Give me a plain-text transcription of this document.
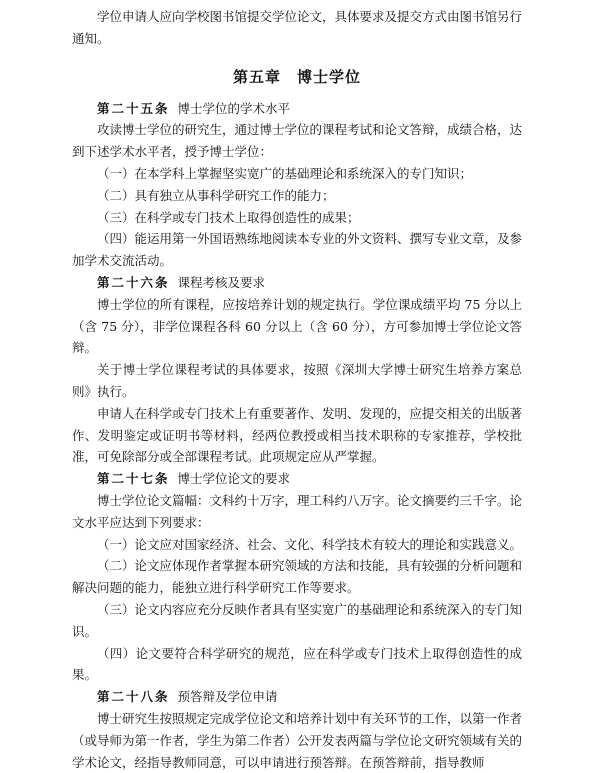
学位申请人应向学校图书馆提交学位论文，具体要求及提交方式由图书馆另行通知。

第五章　博士学位

第二十五条 博士学位的学术水平

攻读博士学位的研究生，通过博士学位的课程考试和论文答辩，成绩合格，达到下述学术水平者，授予博士学位：

（一）在本学科上掌握坚实宽广的基础理论和系统深入的专门知识；

（二）具有独立从事科学研究工作的能力；

（三）在科学或专门技术上取得创造性的成果；

（四）能运用第一外国语熟练地阅读本专业的外文资料、撰写专业文章，及参加学术交流活动。

第二十六条 课程考核及要求

博士学位的所有课程，应按培养计划的规定执行。学位课成绩平均 75 分以上（含 75 分），非学位课程各科 60 分以上（含 60 分），方可参加博士学位论文答辩。

关于博士学位课程考试的具体要求，按照《深圳大学博士研究生培养方案总则》执行。

申请人在科学或专门技术上有重要著作、发明、发现的，应提交相关的出版著作、发明鉴定或证明书等材料，经两位教授或相当技术职称的专家推荐，学校批准，可免除部分或全部课程考试。此项规定应从严掌握。

第二十七条 博士学位论文的要求

博士学位论文篇幅：文科约十万字，理工科约八万字。论文摘要约三千字。论文水平应达到下列要求：

（一）论文应对国家经济、社会、文化、科学技术有较大的理论和实践意义。

（二）论文应体现作者掌握本研究领域的方法和技能，具有较强的分析问题和解决问题的能力，能独立进行科学研究工作等要求。

（三）论文内容应充分反映作者具有坚实宽广的基础理论和系统深入的专门知识。

（四）论文要符合科学研究的规范，应在科学或专门技术上取得创造性的成果。

第二十八条 预答辩及学位申请

博士研究生按照规定完成学位论文和培养计划中有关环节的工作，以第一作者（或导师为第一作者，学生为第二作者）公开发表两篇与学位论文研究领域有关的学术论文，经指导教师同意，可以申请进行预答辩。在预答辩前，指导教师
